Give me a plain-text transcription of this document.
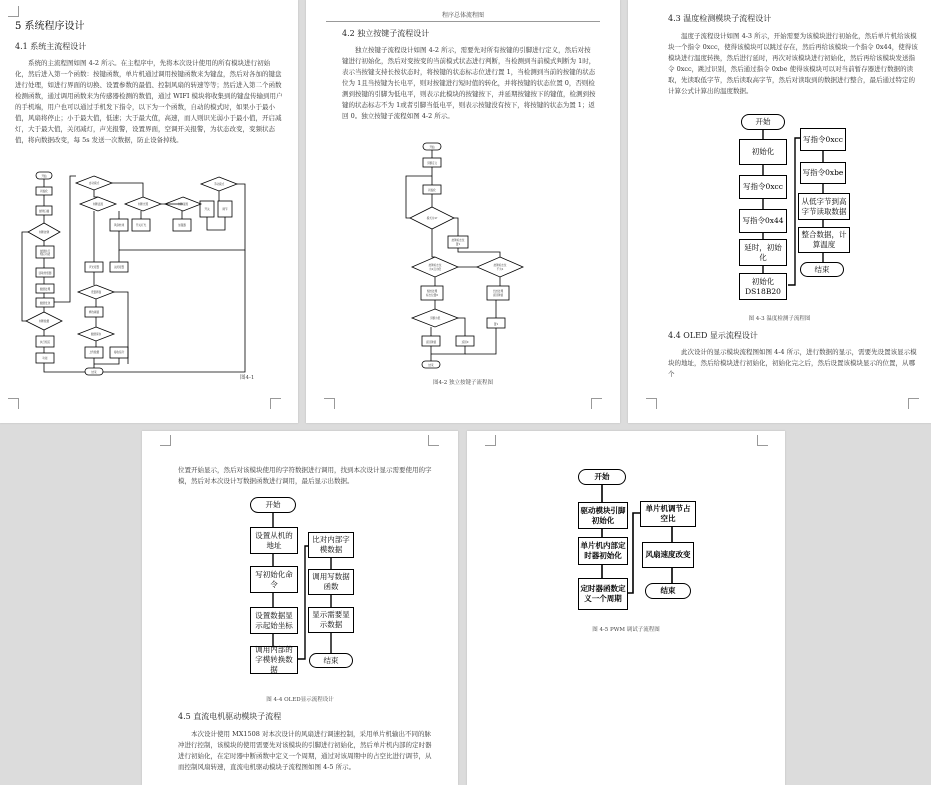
5 系统程序设计
4.1 系统主流程设计

系统的主流程图如图 4-2 所示。在主程序中，先将本次设计使用的所有模块进行初始化，然后进入第一个函数：按键函数，单片机通过调用按键函数来为键盘，然后对各加的键盘进行处理，如进行界面的切换、设置参数的最值、控制风扇的转速等等；然后进入第二个函数检测函数，通过调用函数来为传感器检测的数值，通过 WIFI 模块将收集到的键盘传输到用户的手机端，用户也可以通过手机发下指令，以下为一个函数，自动的模式时，如果小于最小值，风扇将停止；小于最大值，低速；大于最大值，高速，而人则识光弱小于最小值，开启减灯，大于最大值，关闭减灯，声光报警，设置界面，空调开关报警，为状态改变，变频状态值，将向数据改变，每 5s 发送一次数据，防止设备掉线。

开始
初始化
按键扫描
判断按键
按键执行
相应功能
读取传感器
数据处理
数据发送
判断数据
执行相应
功能
结束
自动模式
判断温度	判断光照	判断湿度
风扇转速	开关灯光	加湿器
声光报警	关闭报警
设置界面
修改阈值
数据保存
上传数据	接收指令
手动模式
开关	调节
图4-1
程序总体流程图
4.2 独立按键子流程设计

独立按键子流程设计如图 4-2 所示，需要先对所有按键的引脚进行定义，然后对按键进行初始化，然后对变按变的当前模式状态进行判断，当检测到当前模式判断为 1时，表示当按键支持长按状态时，将按键的状态标志位进行置 1，当检测到当前的按键的状态位为 1且当按键为长电平，则对按键进行短时值的转化，并将按键的状态位置 0，否则检测到按键的引脚为低电平，则表示此模块的按键按下，并延期按键按下的键值，检测到按键的状态标志不为 1或者引脚当低电平，则表示按键没有按下，将按键的状态为置 1；返回 0。独立按键子流程如图 4-2 所示。

开始
引脚定义
初始化
模式为1?
按键标志位
置1
按键标志位
为1且为低
按键标志位
不为1
短按处理
标志位置0
长按处理
返回键值
引脚为低
返回键值	返回0
置1
结束
图4-2 独立按键子流程图
4.3 温度检测模块子流程设计

温度子流程设计如图 4-3 所示，开始需要为该模块进行初始化，然后单片机给该模块一个指令 0xcc，使得该模块可以跳过存在，然后再给该模块一个指令 0x44，使得该模块进行温度转换，然后进行延时，再次对该模块进行初始化，然后再给该模块发送指令 0xcc，跳过识别，然后通过指令 0xbe 使得该模块可以对当前暂存器进行数据的读取，先读取低字节，然后读取高字节，然后对读取到的数据进行整合，最后通过特定的计算公式计算出的温度数据。

开始
初始化
写指令0xcc
写指令0x44
延时，初始化
初始化DS18B20
写指令0xcc
写指令0xbe
从低字节到高字节读取数据
整合数据，计算温度
结束
图 4-3 温度检测子流程图
4.4 OLED 显示流程设计

此次设计的显示模块流程图如图 4-4 所示，进行数据的显示，需要先设置该显示模块的地址，然后给模块进行初始化，初始化完之后，然后设置该模块显示的位置，从哪个

位置开始显示，然后对该模块使用的字符数据进行调用，找到本次设计显示需要使用的字模，然后对本次设计写数据函数进行调用，最后显示出数据。

开始
设置从机的地址
写初始化命令
设置数据显示起始坐标
调用内部的字模转换数据
比对内部字模数据
调用写数据函数
显示需要显示数据
结束
图 4-4 OLED显示流程设计
4.5 直流电机驱动模块子流程

本次设计使用 MX1508 对本次设计的风扇进行调速控制，采用单片机输出不同的脉冲进行控制，该模块的使用需要先对该模块的引脚进行初始化，然后单片机内部的定时器进行初始化，在定时器中断函数中定义一个周期，通过对该周期中的占空比进行调节，从而控制风扇转速，直流电机驱动模块子流程图如图 4-5 所示。

开始
驱动模块引脚初始化
单片机内部定时器初始化
定时器函数定义一个周期
单片机调节占空比
风扇速度改变
结束
图 4-5 PWM 调试子流程图
